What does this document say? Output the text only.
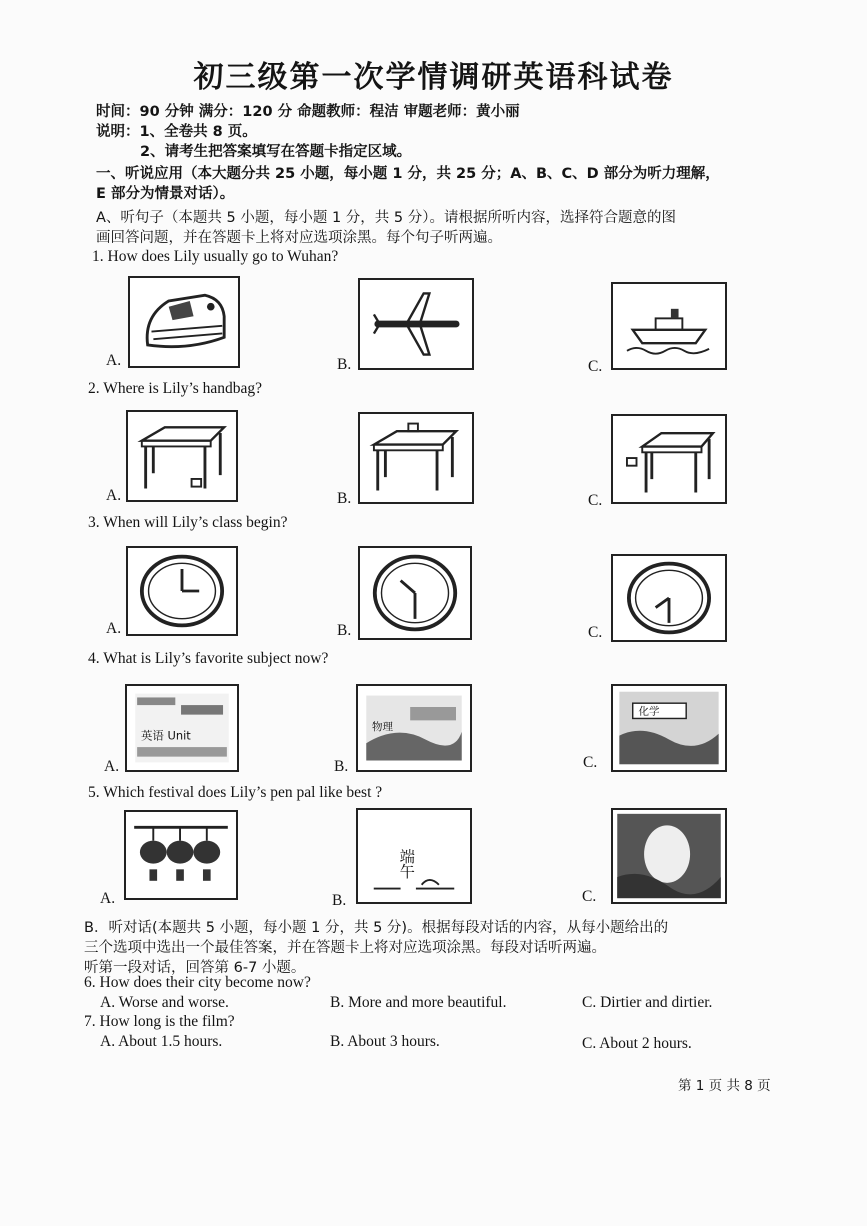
初三级第一次学情调研英语科试卷
时间：90 分钟 满分：120 分 命题教师：程洁 审题老师：黄小丽
说明：1、全卷共 8 页。
2、请考生把答案填写在答题卡指定区域。
一、听说应用（本大题分共 25 小题，每小题 1 分，共 25 分；A、B、C、D 部分为听力理解，
E 部分为情景对话）。
A、听句子（本题共 5 小题，每小题 1 分，共 5 分）。请根据所听内容，选择符合题意的图
画回答问题，并在答题卡上将对应选项涂黑。每个句子听两遍。
1. How does Lily usually go to Wuhan?
A.	B.	C.
2. Where is Lily’s handbag?
A.	B.	C.
3. When will Lily’s class begin?
A.	B.	C.
4. What is Lily’s favorite subject now?
A.
英语 Unit
B.
物理
C.
化学
5. Which festival does Lily’s pen pal like best ?
A.	B.
端午
C.
B．听对话(本题共 5 小题，每小题 1 分，共 5 分)。根据每段对话的内容，从每小题给出的
三个选项中选出一个最佳答案，并在答题卡上将对应选项涂黑。每段对话听两遍。
听第一段对话，回答第 6-7 小题。
6. How does their city become now?
A. Worse and worse.	B. More and more beautiful.	C. Dirtier and dirtier.
7. How long is the film?
A. About 1.5 hours.	B. About 3 hours.	C. About 2 hours.
第 1 页 共 8 页
